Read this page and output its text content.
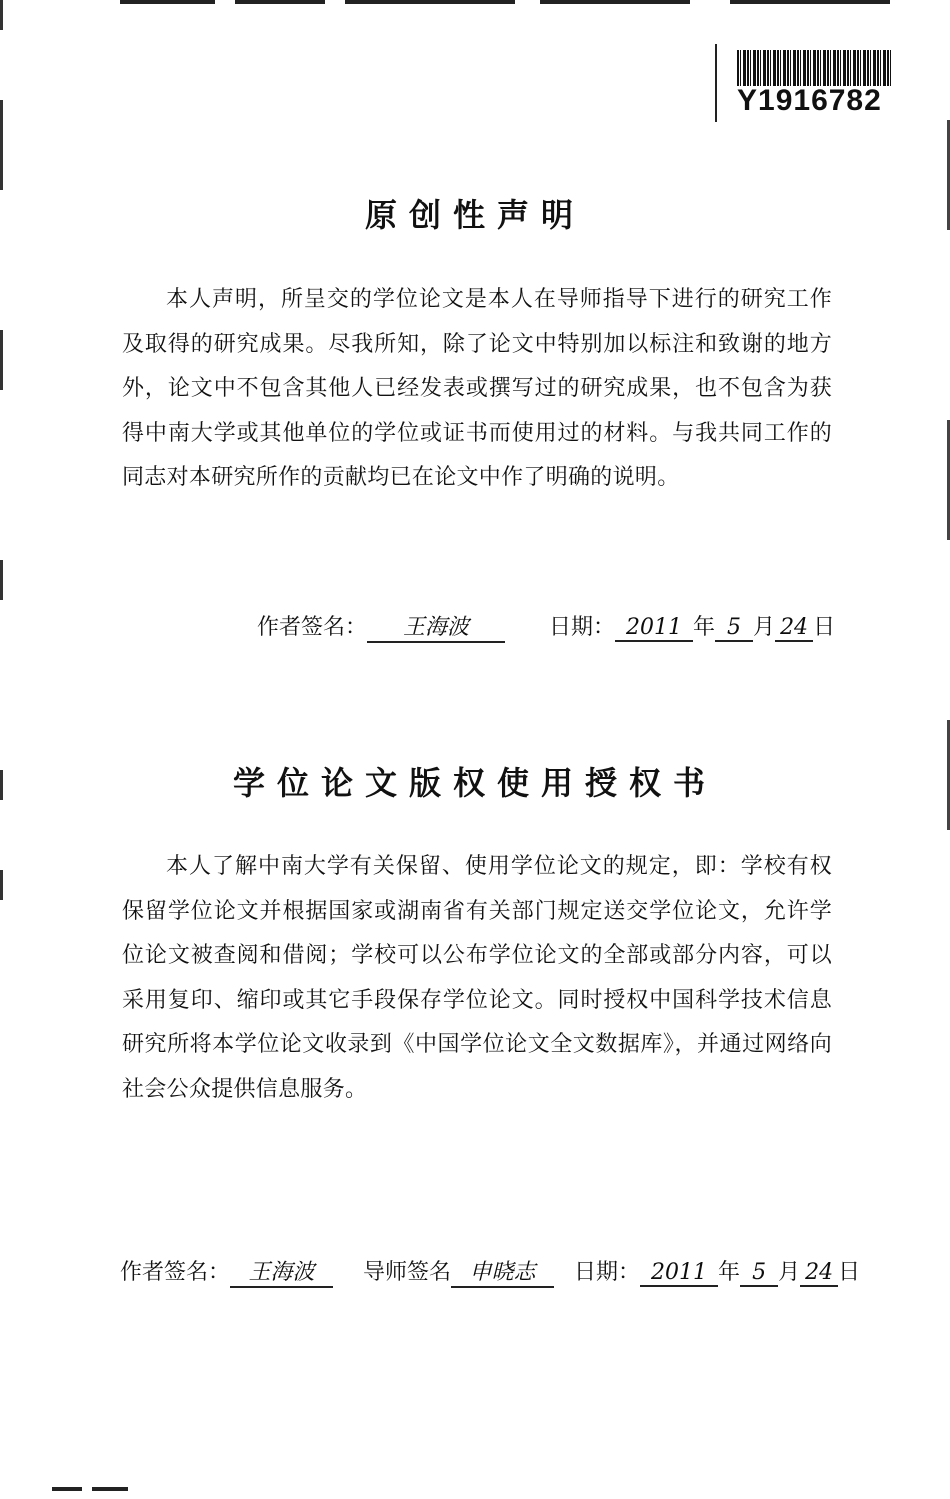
Y1916782
原创性声明
本人声明，所呈交的学位论文是本人在导师指导下进行的研究工作及取得的研究成果。尽我所知，除了论文中特别加以标注和致谢的地方外，论文中不包含其他人已经发表或撰写过的研究成果，也不包含为获得中南大学或其他单位的学位或证书而使用过的材料。与我共同工作的同志对本研究所作的贡献均已在论文中作了明确的说明。
作者签名： 王海波	日期： 2011 年 5 月 24 日
学位论文版权使用授权书
本人了解中南大学有关保留、使用学位论文的规定，即：学校有权保留学位论文并根据国家或湖南省有关部门规定送交学位论文，允许学位论文被查阅和借阅；学校可以公布学位论文的全部或部分内容，可以采用复印、缩印或其它手段保存学位论文。同时授权中国科学技术信息研究所将本学位论文收录到《中国学位论文全文数据库》，并通过网络向社会公众提供信息服务。
作者签名： 王海波 导师签名 申晓志 日期： 2011 年 5 月 24 日
